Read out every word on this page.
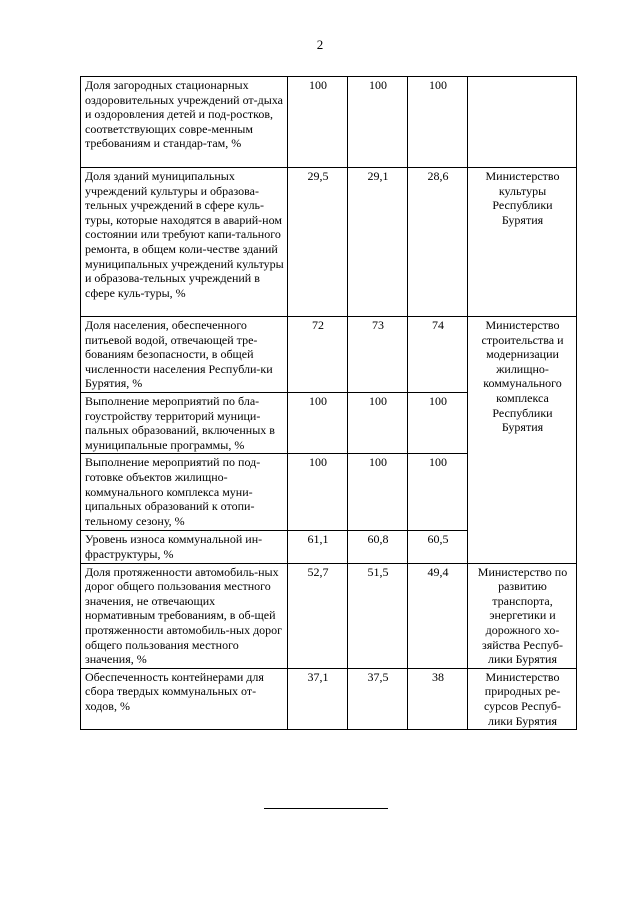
2
Доля загородных стационарных оздоровительных учреждений от-дыха и оздоровления детей и под-ростков, соответствующих совре-менным требованиям и стандар-там, %	100	100	100	
Доля зданий муниципальных учреждений культуры и образова-тельных учреждений в сфере куль-туры, которые находятся в аварий-ном состоянии или требуют капи-тального ремонта, в общем коли-честве зданий муниципальных учреждений культуры и образова-тельных учреждений в сфере куль-туры, %	29,5	29,1	28,6	Министерство культуры Республики Бурятия
Доля населения, обеспеченного питьевой водой, отвечающей тре-бованиям безопасности, в общей численности населения Республи-ки Бурятия, %	72	73	74	Министерство строительства и модернизации жилищно-коммунального комплекса Республики Бурятия
Выполнение мероприятий по бла-гоустройству территорий муници-пальных образований, включенных в муниципальные программы, %	100	100	100	
Выполнение мероприятий по под-готовке объектов жилищно-коммунального комплекса муни-ципальных образований к отопи-тельному сезону, %	100	100	100	
Уровень износа коммунальной ин-фраструктуры, %	61,1	60,8	60,5	
Доля протяженности автомобиль-ных дорог общего пользования местного значения, не отвечающих нормативным требованиям, в об-щей протяженности автомобиль-ных дорог общего пользования местного значения, %	52,7	51,5	49,4	Министерство по развитию транспорта, энергетики и дорожного хо-зяйства Респуб-лики Бурятия
Обеспеченность контейнерами для сбора твердых коммунальных от-ходов, %	37,1	37,5	38	Министерство природных ре-сурсов Респуб-лики Бурятия
